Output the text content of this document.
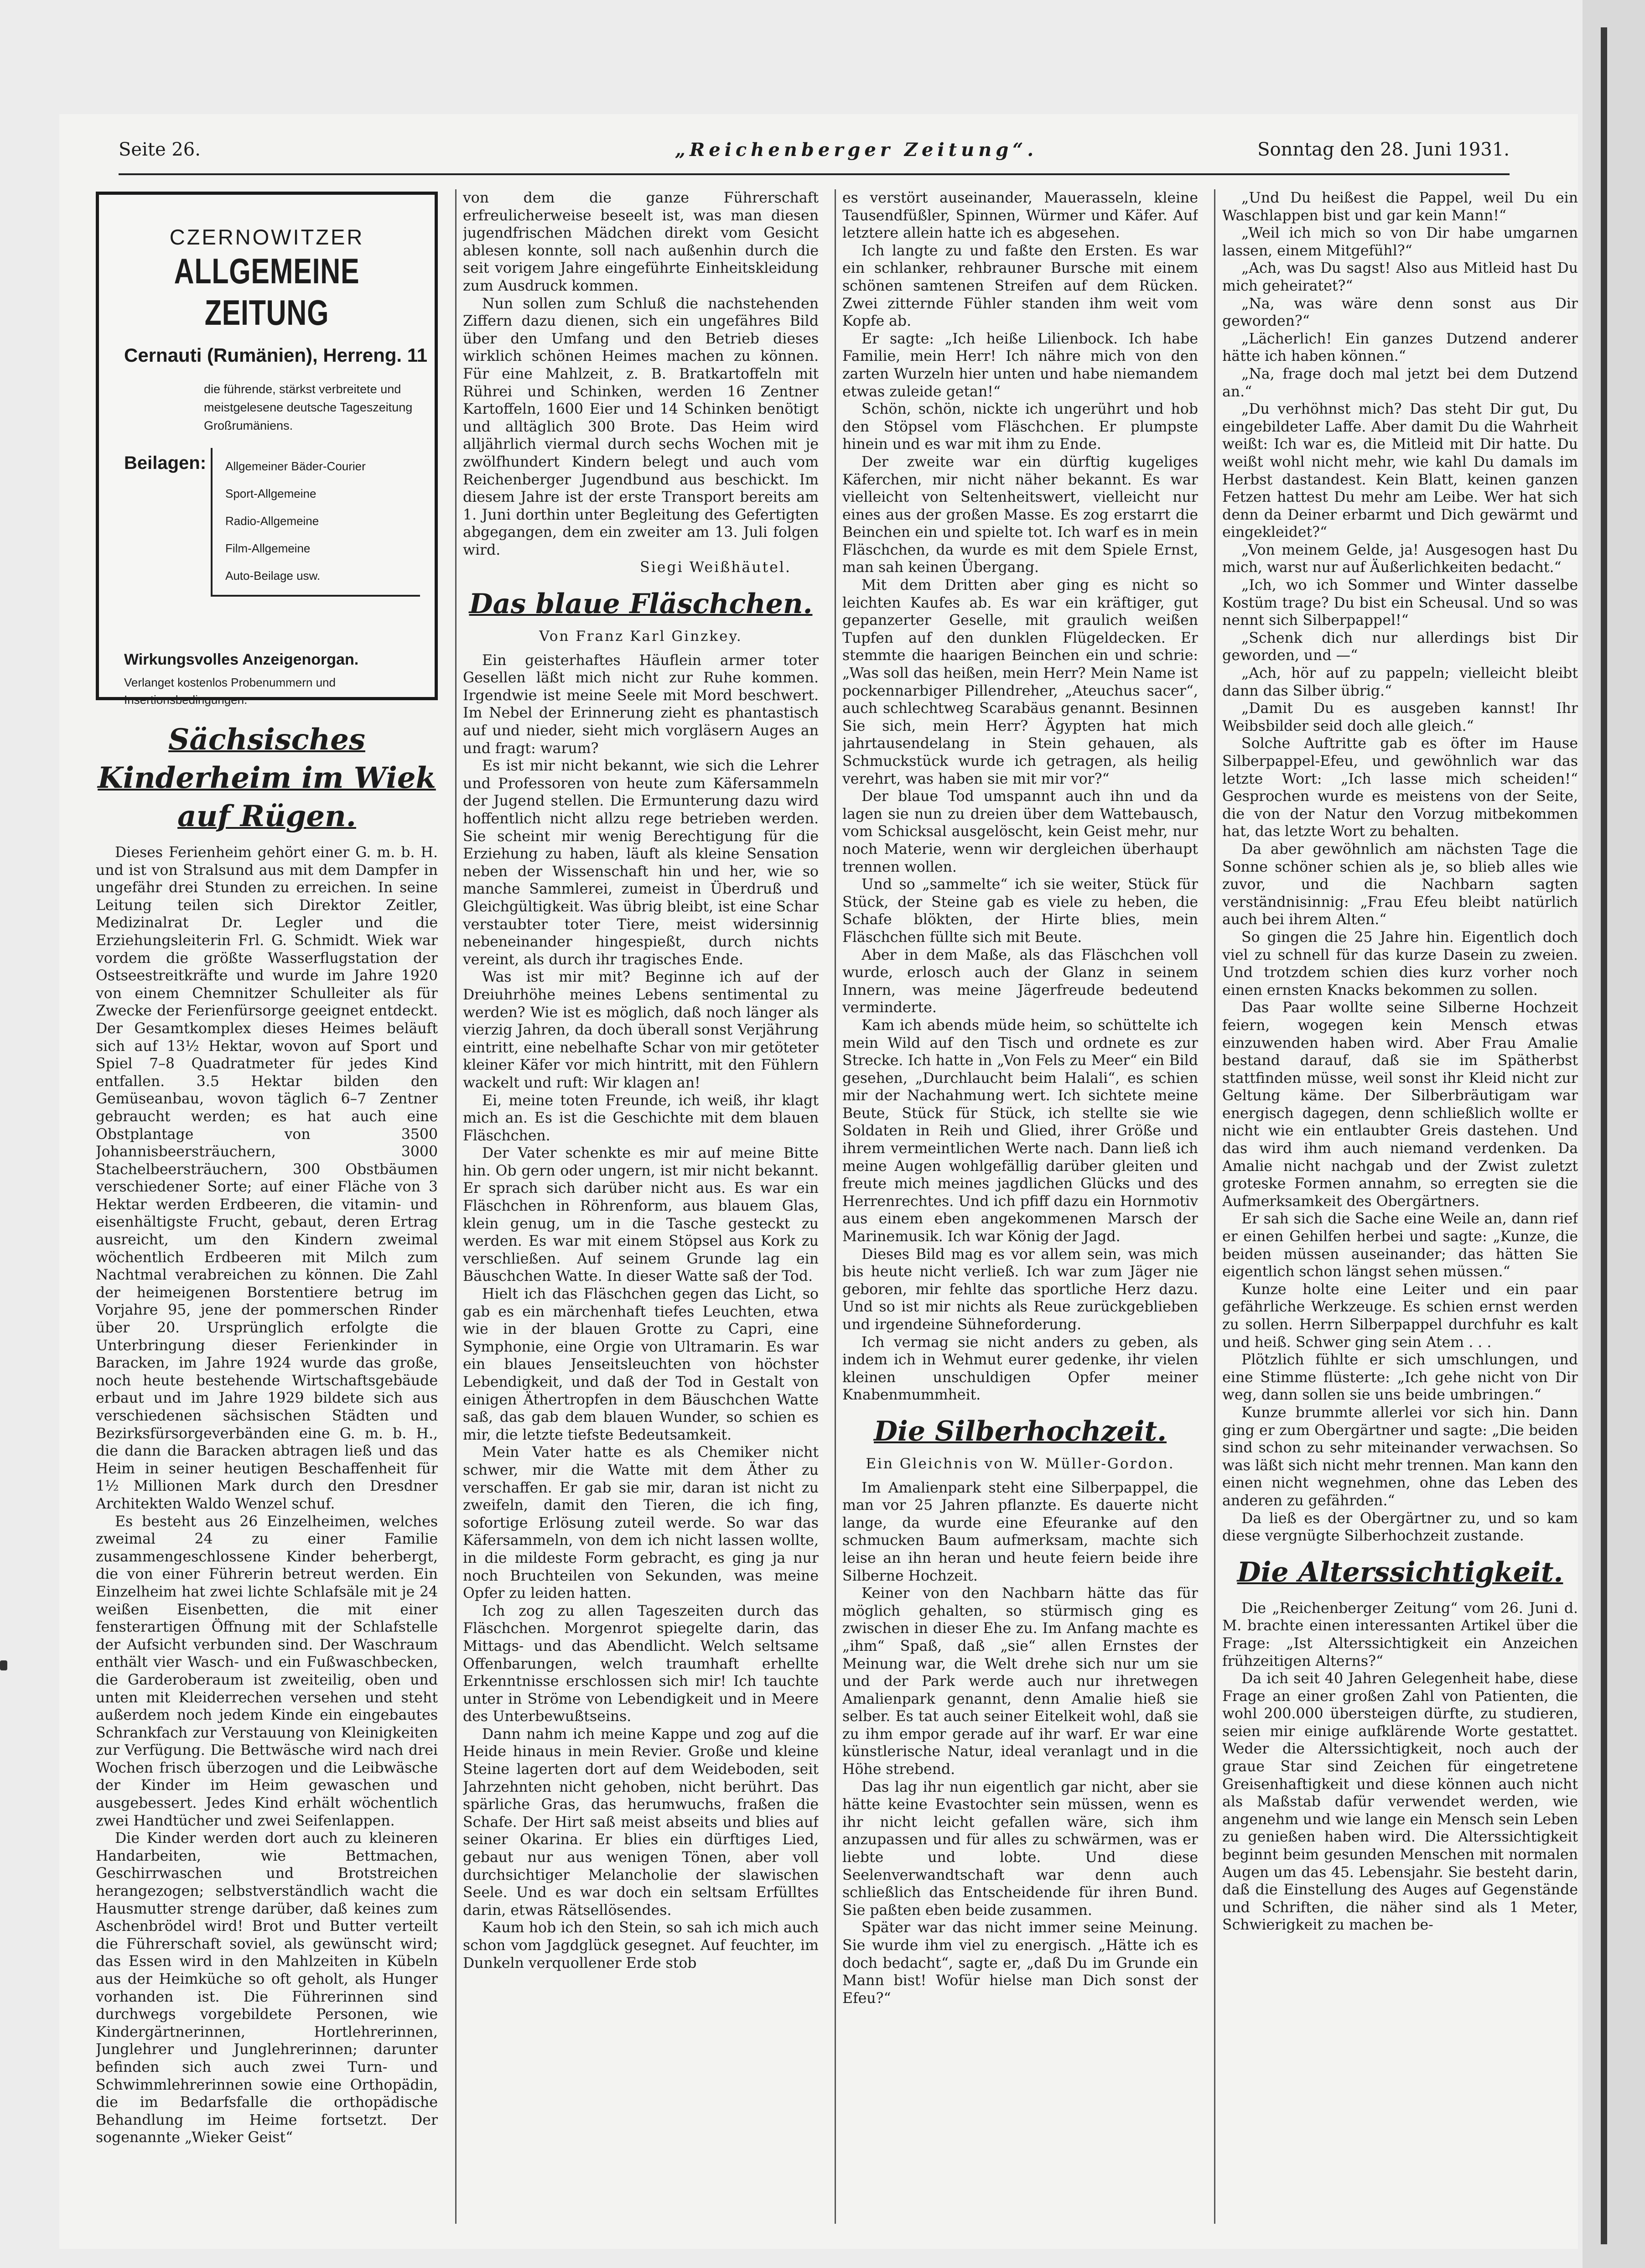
Seite 26.	„Reichenberger Zeitung“.	Sonntag den 28. Juni 1931.
CZERNOWITZER
ALLGEMEINE ZEITUNG
Cernauti (Rumänien), Herreng. 11
die führende, stärkst verbreitete und meistgelesene deutsche Tageszeitung Großrumäniens.
Beilagen:	Allgemeiner Bäder-Courier
Sport-Allgemeine
Radio-Allgemeine
Film-Allgemeine
Auto-Beilage usw.
Wirkungsvolles Anzeigenorgan.
Verlanget kostenlos Probenummern und Insertionsbedingungen.
Sächsisches Kinderheim im Wiek auf Rügen.

Dieses Ferienheim gehört einer G. m. b. H. und ist von Stralsund aus mit dem Dampfer in ungefähr drei Stunden zu erreichen. In seine Leitung teilen sich Direktor Zeitler, Medizinalrat Dr. Legler und die Erziehungsleiterin Frl. G. Schmidt. Wiek war vordem die größte Wasserflugstation der Ostseestreitkräfte und wurde im Jahre 1920 von einem Chemnitzer Schulleiter als für Zwecke der Ferienfürsorge geeignet entdeckt. Der Gesamtkomplex dieses Heimes beläuft sich auf 13½ Hektar, wovon auf Sport und Spiel 7–8 Quadratmeter für jedes Kind entfallen. 3.5 Hektar bilden den Gemüseanbau, wovon täglich 6–7 Zentner gebraucht werden; es hat auch eine Obstplantage von 3500 Johannisbeersträuchern, 3000 Stachelbeersträuchern, 300 Obstbäumen verschiedener Sorte; auf einer Fläche von 3 Hektar werden Erdbeeren, die vitamin- und eisenhältigste Frucht, gebaut, deren Ertrag ausreicht, um den Kindern zweimal wöchentlich Erdbeeren mit Milch zum Nachtmal verabreichen zu können. Die Zahl der heimeigenen Borstentiere betrug im Vorjahre 95, jene der pommerschen Rinder über 20. Ursprünglich erfolgte die Unterbringung dieser Ferienkinder in Baracken, im Jahre 1924 wurde das große, noch heute bestehende Wirtschaftsgebäude erbaut und im Jahre 1929 bildete sich aus verschiedenen sächsischen Städten und Bezirksfürsorgeverbänden eine G. m. b. H., die dann die Baracken abtragen ließ und das Heim in seiner heutigen Beschaffenheit für 1½ Millionen Mark durch den Dresdner Architekten Waldo Wenzel schuf.

Es besteht aus 26 Einzelheimen, welches zweimal 24 zu einer Familie zusammengeschlossene Kinder beherbergt, die von einer Führerin betreut werden. Ein Einzelheim hat zwei lichte Schlafsäle mit je 24 weißen Eisenbetten, die mit einer fensterartigen Öffnung mit der Schlafstelle der Aufsicht verbunden sind. Der Waschraum enthält vier Wasch- und ein Fußwaschbecken, die Garderoberaum ist zweiteilig, oben und unten mit Kleiderrechen versehen und steht außerdem noch jedem Kinde ein eingebautes Schrankfach zur Verstauung von Kleinigkeiten zur Verfügung. Die Bettwäsche wird nach drei Wochen frisch überzogen und die Leibwäsche der Kinder im Heim gewaschen und ausgebessert. Jedes Kind erhält wöchentlich zwei Handtücher und zwei Seifenlappen.

Die Kinder werden dort auch zu kleineren Handarbeiten, wie Bettmachen, Geschirrwaschen und Brotstreichen herangezogen; selbstverständlich wacht die Hausmutter strenge darüber, daß keines zum Aschenbrödel wird! Brot und Butter verteilt die Führerschaft soviel, als gewünscht wird; das Essen wird in den Mahlzeiten in Kübeln aus der Heimküche so oft geholt, als Hunger vorhanden ist. Die Führerinnen sind durchwegs vorgebildete Personen, wie Kindergärtnerinnen, Hortlehrerinnen, Junglehrer und Junglehrerinnen; darunter befinden sich auch zwei Turn- und Schwimmlehrerinnen sowie eine Orthopädin, die im Bedarfsfalle die orthopädische Behandlung im Heime fortsetzt. Der sogenannte „Wieker Geist“

von dem die ganze Führerschaft erfreulicherweise beseelt ist, was man diesen jugendfrischen Mädchen direkt vom Gesicht ablesen konnte, soll nach außenhin durch die seit vorigem Jahre eingeführte Einheitskleidung zum Ausdruck kommen.

Nun sollen zum Schluß die nachstehenden Ziffern dazu dienen, sich ein ungefähres Bild über den Umfang und den Betrieb dieses wirklich schönen Heimes machen zu können. Für eine Mahlzeit, z. B. Bratkartoffeln mit Rührei und Schinken, werden 16 Zentner Kartoffeln, 1600 Eier und 14 Schinken benötigt und alltäglich 300 Brote. Das Heim wird alljährlich viermal durch sechs Wochen mit je zwölfhundert Kindern belegt und auch vom Reichenberger Jugendbund aus beschickt. Im diesem Jahre ist der erste Transport bereits am 1. Juni dorthin unter Begleitung des Gefertigten abgegangen, dem ein zweiter am 13. Juli folgen wird.

Siegi Weißhäutel.
Das blaue Fläschchen.
Von Franz Karl Ginzkey.

Ein geisterhaftes Häuflein armer toter Gesellen läßt mich nicht zur Ruhe kommen. Irgendwie ist meine Seele mit Mord beschwert. Im Nebel der Erinnerung zieht es phantastisch auf und nieder, sieht mich vorgläsern Auges an und fragt: warum?

Es ist mir nicht bekannt, wie sich die Lehrer und Professoren von heute zum Käfersammeln der Jugend stellen. Die Ermunterung dazu wird hoffentlich nicht allzu rege betrieben werden. Sie scheint mir wenig Berechtigung für die Erziehung zu haben, läuft als kleine Sensation neben der Wissenschaft hin und her, wie so manche Sammlerei, zumeist in Überdruß und Gleichgültigkeit. Was übrig bleibt, ist eine Schar verstaubter toter Tiere, meist widersinnig nebeneinander hingespießt, durch nichts vereint, als durch ihr tragisches Ende.

Was ist mir mit? Beginne ich auf der Dreiuhrhöhe meines Lebens sentimental zu werden? Wie ist es möglich, daß noch länger als vierzig Jahren, da doch überall sonst Verjährung eintritt, eine nebelhafte Schar von mir getöteter kleiner Käfer vor mich hintritt, mit den Fühlern wackelt und ruft: Wir klagen an!

Ei, meine toten Freunde, ich weiß, ihr klagt mich an. Es ist die Geschichte mit dem blauen Fläschchen.

Der Vater schenkte es mir auf meine Bitte hin. Ob gern oder ungern, ist mir nicht bekannt. Er sprach sich darüber nicht aus. Es war ein Fläschchen in Röhrenform, aus blauem Glas, klein genug, um in die Tasche gesteckt zu werden. Es war mit einem Stöpsel aus Kork zu verschließen. Auf seinem Grunde lag ein Bäuschchen Watte. In dieser Watte saß der Tod.

Hielt ich das Fläschchen gegen das Licht, so gab es ein märchenhaft tiefes Leuchten, etwa wie in der blauen Grotte zu Capri, eine Symphonie, eine Orgie von Ultramarin. Es war ein blaues Jenseitsleuchten von höchster Lebendigkeit, und daß der Tod in Gestalt von einigen Äthertropfen in dem Bäuschchen Watte saß, das gab dem blauen Wunder, so schien es mir, die letzte tiefste Bedeutsamkeit.

Mein Vater hatte es als Chemiker nicht schwer, mir die Watte mit dem Äther zu verschaffen. Er gab sie mir, daran ist nicht zu zweifeln, damit den Tieren, die ich fing, sofortige Erlösung zuteil werde. So war das Käfersammeln, von dem ich nicht lassen wollte, in die mildeste Form gebracht, es ging ja nur noch Bruchteilen von Sekunden, was meine Opfer zu leiden hatten.

Ich zog zu allen Tageszeiten durch das Fläschchen. Morgenrot spiegelte darin, das Mittags- und das Abendlicht. Welch seltsame Offenbarungen, welch traumhaft erhellte Erkenntnisse erschlossen sich mir! Ich tauchte unter in Ströme von Lebendigkeit und in Meere des Unterbewußtseins.

Dann nahm ich meine Kappe und zog auf die Heide hinaus in mein Revier. Große und kleine Steine lagerten dort auf dem Weideboden, seit Jahrzehnten nicht gehoben, nicht berührt. Das spärliche Gras, das herumwuchs, fraßen die Schafe. Der Hirt saß meist abseits und blies auf seiner Okarina. Er blies ein dürftiges Lied, gebaut nur aus wenigen Tönen, aber voll durchsichtiger Melancholie der slawischen Seele. Und es war doch ein seltsam Erfülltes darin, etwas Rätsellösendes.

Kaum hob ich den Stein, so sah ich mich auch schon vom Jagdglück gesegnet. Auf feuchter, im Dunkeln verquollener Erde stob

es verstört auseinander, Mauerasseln, kleine Tausendfüßler, Spinnen, Würmer und Käfer. Auf letztere allein hatte ich es abgesehen.

Ich langte zu und faßte den Ersten. Es war ein schlanker, rehbrauner Bursche mit einem schönen samtenen Streifen auf dem Rücken. Zwei zitternde Fühler standen ihm weit vom Kopfe ab.

Er sagte: „Ich heiße Lilienbock. Ich habe Familie, mein Herr! Ich nähre mich von den zarten Wurzeln hier unten und habe niemandem etwas zuleide getan!“

Schön, schön, nickte ich ungerührt und hob den Stöpsel vom Fläschchen. Er plumpste hinein und es war mit ihm zu Ende.

Der zweite war ein dürftig kugeliges Käferchen, mir nicht näher bekannt. Es war vielleicht von Seltenheitswert, vielleicht nur eines aus der großen Masse. Es zog erstarrt die Beinchen ein und spielte tot. Ich warf es in mein Fläschchen, da wurde es mit dem Spiele Ernst, man sah keinen Übergang.

Mit dem Dritten aber ging es nicht so leichten Kaufes ab. Es war ein kräftiger, gut gepanzerter Geselle, mit graulich weißen Tupfen auf den dunklen Flügeldecken. Er stemmte die haarigen Beinchen ein und schrie: „Was soll das heißen, mein Herr? Mein Name ist pockennarbiger Pillendreher, „Ateuchus sacer“, auch schlechtweg Scarabäus genannt. Besinnen Sie sich, mein Herr? Ägypten hat mich jahrtausendelang in Stein gehauen, als Schmuckstück wurde ich getragen, als heilig verehrt, was haben sie mit mir vor?“

Der blaue Tod umspannt auch ihn und da lagen sie nun zu dreien über dem Wattebausch, vom Schicksal ausgelöscht, kein Geist mehr, nur noch Materie, wenn wir dergleichen überhaupt trennen wollen.

Und so „sammelte“ ich sie weiter, Stück für Stück, der Steine gab es viele zu heben, die Schafe blökten, der Hirte blies, mein Fläschchen füllte sich mit Beute.

Aber in dem Maße, als das Fläschchen voll wurde, erlosch auch der Glanz in seinem Innern, was meine Jägerfreude bedeutend verminderte.

Kam ich abends müde heim, so schüttelte ich mein Wild auf den Tisch und ordnete es zur Strecke. Ich hatte in „Von Fels zu Meer“ ein Bild gesehen, „Durchlaucht beim Halali“, es schien mir der Nachahmung wert. Ich sichtete meine Beute, Stück für Stück, ich stellte sie wie Soldaten in Reih und Glied, ihrer Größe und ihrem vermeintlichen Werte nach. Dann ließ ich meine Augen wohlgefällig darüber gleiten und freute mich meines jagdlichen Glücks und des Herrenrechtes. Und ich pfiff dazu ein Hornmotiv aus einem eben angekommenen Marsch der Marinemusik. Ich war König der Jagd.

Dieses Bild mag es vor allem sein, was mich bis heute nicht verließ. Ich war zum Jäger nie geboren, mir fehlte das sportliche Herz dazu. Und so ist mir nichts als Reue zurückgeblieben und irgendeine Sühneforderung.

Ich vermag sie nicht anders zu geben, als indem ich in Wehmut eurer gedenke, ihr vielen kleinen unschuldigen Opfer meiner Knabenmummheit.

Die Silberhochzeit.
Ein Gleichnis von W. Müller-Gordon.

Im Amalienpark steht eine Silberpappel, die man vor 25 Jahren pflanzte. Es dauerte nicht lange, da wurde eine Efeuranke auf den schmucken Baum aufmerksam, machte sich leise an ihn heran und heute feiern beide ihre Silberne Hochzeit.

Keiner von den Nachbarn hätte das für möglich gehalten, so stürmisch ging es zwischen in dieser Ehe zu. Im Anfang machte es „ihm“ Spaß, daß „sie“ allen Ernstes der Meinung war, die Welt drehe sich nur um sie und der Park werde auch nur ihretwegen Amalienpark genannt, denn Amalie hieß sie selber. Es tat auch seiner Eitelkeit wohl, daß sie zu ihm empor gerade auf ihr warf. Er war eine künstlerische Natur, ideal veranlagt und in die Höhe strebend.

Das lag ihr nun eigentlich gar nicht, aber sie hätte keine Evastochter sein müssen, wenn es ihr nicht leicht gefallen wäre, sich ihm anzupassen und für alles zu schwärmen, was er liebte und lobte. Und diese Seelenverwandtschaft war denn auch schließlich das Entscheidende für ihren Bund. Sie paßten eben beide zusammen.

Später war das nicht immer seine Meinung. Sie wurde ihm viel zu energisch. „Hätte ich es doch bedacht“, sagte er, „daß Du im Grunde ein Mann bist! Wofür hielse man Dich sonst der Efeu?“

„Und Du heißest die Pappel, weil Du ein Waschlappen bist und gar kein Mann!“

„Weil ich mich so von Dir habe umgarnen lassen, einem Mitgefühl?“

„Ach, was Du sagst! Also aus Mitleid hast Du mich geheiratet?“

„Na, was wäre denn sonst aus Dir geworden?“

„Lächerlich! Ein ganzes Dutzend anderer hätte ich haben können.“

„Na, frage doch mal jetzt bei dem Dutzend an.“

„Du verhöhnst mich? Das steht Dir gut, Du eingebildeter Laffe. Aber damit Du die Wahrheit weißt: Ich war es, die Mitleid mit Dir hatte. Du weißt wohl nicht mehr, wie kahl Du damals im Herbst dastandest. Kein Blatt, keinen ganzen Fetzen hattest Du mehr am Leibe. Wer hat sich denn da Deiner erbarmt und Dich gewärmt und eingekleidet?“

„Von meinem Gelde, ja! Ausgesogen hast Du mich, warst nur auf Äußerlichkeiten bedacht.“

„Ich, wo ich Sommer und Winter dasselbe Kostüm trage? Du bist ein Scheusal. Und so was nennt sich Silberpappel!“

„Schenk dich nur allerdings bist Dir geworden, und —“

„Ach, hör auf zu pappeln; vielleicht bleibt dann das Silber übrig.“

„Damit Du es ausgeben kannst! Ihr Weibsbilder seid doch alle gleich.“

Solche Auftritte gab es öfter im Hause Silberpappel-Efeu, und gewöhnlich war das letzte Wort: „Ich lasse mich scheiden!“ Gesprochen wurde es meistens von der Seite, die von der Natur den Vorzug mitbekommen hat, das letzte Wort zu behalten.

Da aber gewöhnlich am nächsten Tage die Sonne schöner schien als je, so blieb alles wie zuvor, und die Nachbarn sagten verständnisinnig: „Frau Efeu bleibt natürlich auch bei ihrem Alten.“

So gingen die 25 Jahre hin. Eigentlich doch viel zu schnell für das kurze Dasein zu zweien. Und trotzdem schien dies kurz vorher noch einen ernsten Knacks bekommen zu sollen.

Das Paar wollte seine Silberne Hochzeit feiern, wogegen kein Mensch etwas einzuwenden haben wird. Aber Frau Amalie bestand darauf, daß sie im Spätherbst stattfinden müsse, weil sonst ihr Kleid nicht zur Geltung käme. Der Silberbräutigam war energisch dagegen, denn schließlich wollte er nicht wie ein entlaubter Greis dastehen. Und das wird ihm auch niemand verdenken. Da Amalie nicht nachgab und der Zwist zuletzt groteske Formen annahm, so erregten sie die Aufmerksamkeit des Obergärtners.

Er sah sich die Sache eine Weile an, dann rief er einen Gehilfen herbei und sagte: „Kunze, die beiden müssen auseinander; das hätten Sie eigentlich schon längst sehen müssen.“

Kunze holte eine Leiter und ein paar gefährliche Werkzeuge. Es schien ernst werden zu sollen. Herrn Silberpappel durchfuhr es kalt und heiß. Schwer ging sein Atem . . .

Plötzlich fühlte er sich umschlungen, und eine Stimme flüsterte: „Ich gehe nicht von Dir weg, dann sollen sie uns beide umbringen.“

Kunze brummte allerlei vor sich hin. Dann ging er zum Obergärtner und sagte: „Die beiden sind schon zu sehr miteinander verwachsen. So was läßt sich nicht mehr trennen. Man kann den einen nicht wegnehmen, ohne das Leben des anderen zu gefährden.“

Da ließ es der Obergärtner zu, und so kam diese vergnügte Silberhochzeit zustande.

Die Alterssichtigkeit.

Die „Reichenberger Zeitung“ vom 26. Juni d. M. brachte einen interessanten Artikel über die Frage: „Ist Alterssichtigkeit ein Anzeichen frühzeitigen Alterns?“

Da ich seit 40 Jahren Gelegenheit habe, diese Frage an einer großen Zahl von Patienten, die wohl 200.000 übersteigen dürfte, zu studieren, seien mir einige aufklärende Worte gestattet. Weder die Alterssichtigkeit, noch auch der graue Star sind Zeichen für eingetretene Greisenhaftigkeit und diese können auch nicht als Maßstab dafür verwendet werden, wie angenehm und wie lange ein Mensch sein Leben zu genießen haben wird. Die Alterssichtigkeit beginnt beim gesunden Menschen mit normalen Augen um das 45. Lebensjahr. Sie besteht darin, daß die Einstellung des Auges auf Gegenstände und Schriften, die näher sind als 1 Meter, Schwierigkeit zu machen be-
